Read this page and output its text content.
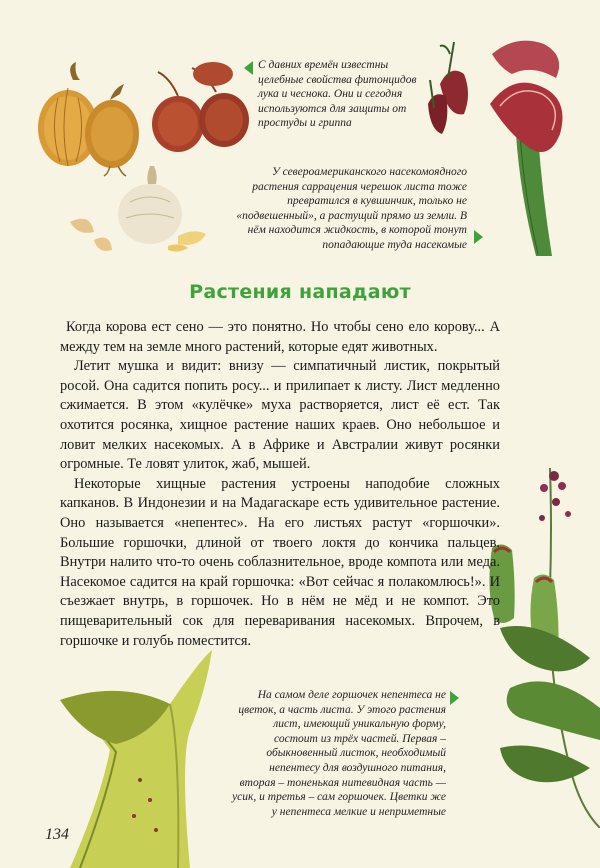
С давних времён известны целебные свойства фитонцидов лука и чеснока. Они и сегодня используются для защиты от простуды и гриппа

У североамериканского насекомоядного растения саррацения черешок листа тоже превратился в кувшинчик, только не «подвешенный», а растущий прямо из земли. В нём находится жидкость, в которой тонут попадающие туда насекомые

Растения нападают

Когда корова ест сено — это понятно. Но чтобы сено ело корову... А между тем на земле много растений, которые едят животных.

Летит мушка и видит: внизу — симпатичный листик, покрытый росой. Она садится попить росу... и прилипает к листу. Лист медленно сжимается. В этом «кулёчке» муха растворяется, лист её ест. Так охотится росянка, хищное растение наших краев. Оно небольшое и ловит мелких насекомых. А в Африке и Австралии живут росянки огромные. Те ловят улиток, жаб, мышей.

Некоторые хищные растения устроены наподобие сложных капканов. В Индонезии и на Мадагаскаре есть удивительное растение. Оно называется «непентес». На его листьях растут «горшочки». Большие горшочки, длиной от твоего локтя до кончика пальцев. Внутри налито что-то очень соблазнительное, вроде компота или меда. Насекомое садится на край горшочка: «Вот сейчас я полакомлюсь!». И съезжает внутрь, в горшочек. Но в нём не мёд и не компот. Это пищеварительный сок для переваривания насекомых. Впрочем, в горшочке и голубь поместится.

На самом деле горшочек непентеса не цветок, а часть листа. У этого растения лист, имеющий уникальную форму, состоит из трёх частей. Первая – обыкновенный листок, необходимый непентесу для воздушного питания, вторая – тоненькая нитевидная часть — усик, и третья – сам горшочек. Цветки же у непентеса мелкие и неприметные

134
